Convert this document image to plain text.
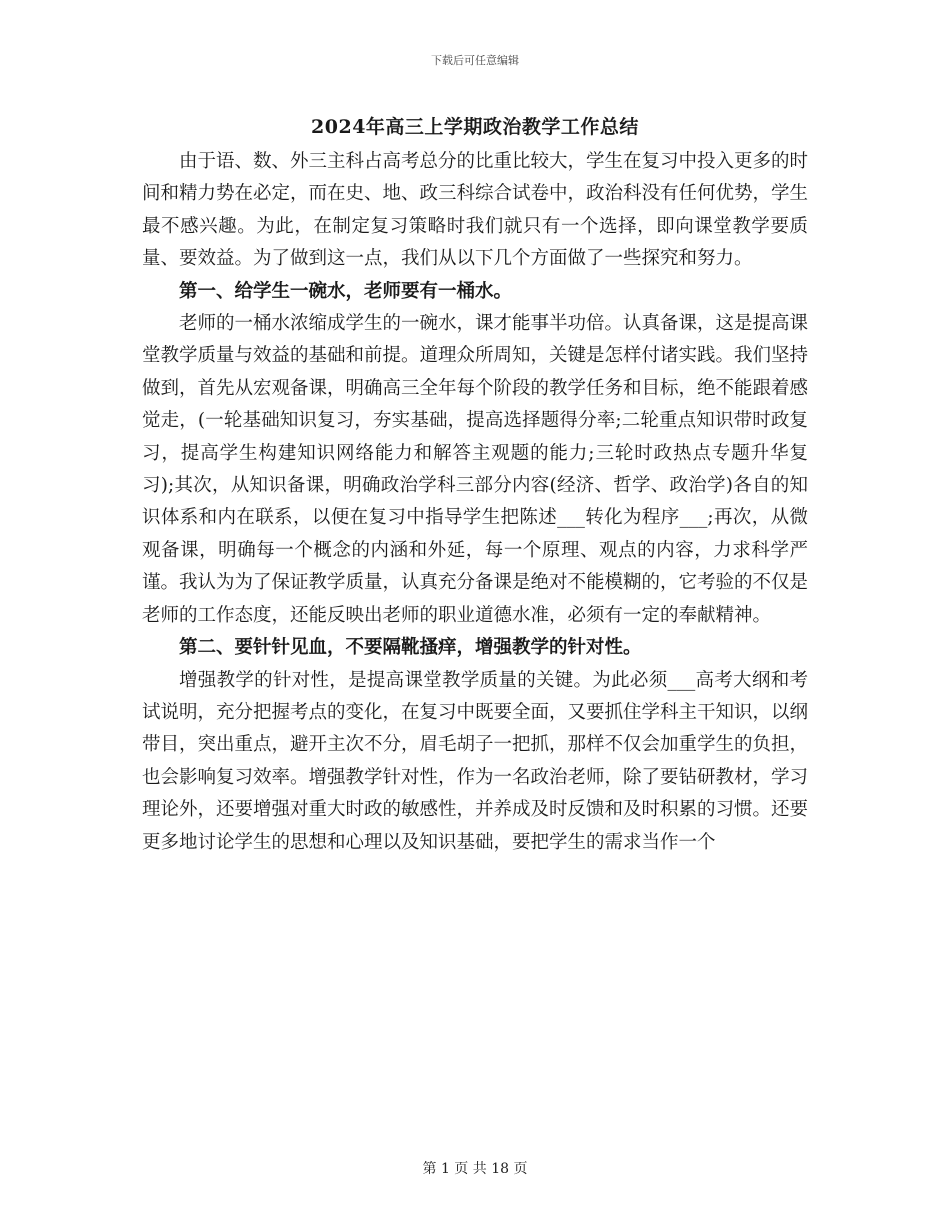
下载后可任意编辑
2024年高三上学期政治教学工作总结

由于语、数、外三主科占高考总分的比重比较大，学生在复习中投入更多的时间和精力势在必定，而在史、地、政三科综合试卷中，政治科没有任何优势，学生最不感兴趣。为此，在制定复习策略时我们就只有一个选择，即向课堂教学要质量、要效益。为了做到这一点，我们从以下几个方面做了一些探究和努力。

第一、给学生一碗水，老师要有一桶水。

老师的一桶水浓缩成学生的一碗水，课才能事半功倍。认真备课，这是提高课堂教学质量与效益的基础和前提。道理众所周知，关键是怎样付诸实践。我们坚持做到，首先从宏观备课，明确高三全年每个阶段的教学任务和目标，绝不能跟着感觉走，(一轮基础知识复习，夯实基础，提高选择题得分率;二轮重点知识带时政复习，提高学生构建知识网络能力和解答主观题的能力;三轮时政热点专题升华复习);其次，从知识备课，明确政治学科三部分内容(经济、哲学、政治学)各自的知识体系和内在联系，以便在复习中指导学生把陈述___转化为程序___;再次，从微观备课，明确每一个概念的内涵和外延，每一个原理、观点的内容，力求科学严谨。我认为为了保证教学质量，认真充分备课是绝对不能模糊的，它考验的不仅是老师的工作态度，还能反映出老师的职业道德水准，必须有一定的奉献精神。

第二、要针针见血，不要隔靴搔痒，增强教学的针对性。

增强教学的针对性，是提高课堂教学质量的关键。为此必须___高考大纲和考试说明，充分把握考点的变化，在复习中既要全面，又要抓住学科主干知识，以纲带目，突出重点，避开主次不分，眉毛胡子一把抓，那样不仅会加重学生的负担，也会影响复习效率。增强教学针对性，作为一名政治老师，除了要钻研教材，学习理论外，还要增强对重大时政的敏感性，并养成及时反馈和及时积累的习惯。还要更多地讨论学生的思想和心理以及知识基础，要把学生的需求当作一个

第 1 页 共 18 页
